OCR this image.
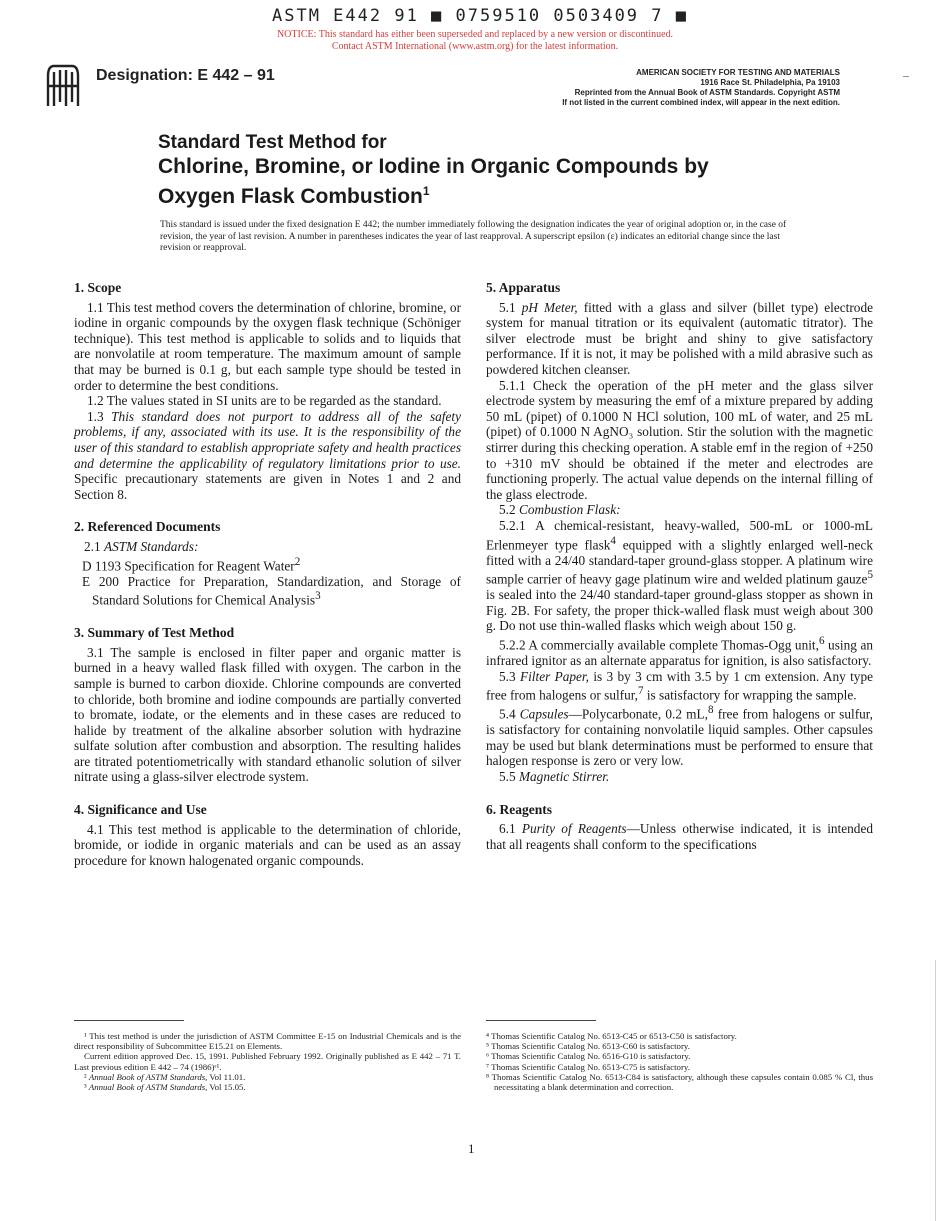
ASTM E442 91 ■ 0759510 0503409 7 ■
NOTICE: This standard has either been superseded and replaced by a new version or discontinued.
Contact ASTM International (www.astm.org) for the latest information.
Designation: E 442 – 91	AMERICAN SOCIETY FOR TESTING AND MATERIALS
1916 Race St. Philadelphia, Pa 19103
Reprinted from the Annual Book of ASTM Standards. Copyright ASTM
If not listed in the current combined index, will appear in the next edition.
–
Standard Test Method for
Chlorine, Bromine, or Iodine in Organic Compounds by
Oxygen Flask Combustion$^1$
This standard is issued under the fixed designation E 442; the number immediately following the designation indicates the year of original adoption or, in the case of revision, the year of last revision. A number in parentheses indicates the year of last reapproval. A superscript epsilon (ε) indicates an editorial change since the last revision or reapproval.
1. Scope

1.1 This test method covers the determination of chlorine, bromine, or iodine in organic compounds by the oxygen flask technique (Schöniger technique). This test method is applicable to solids and to liquids that are nonvolatile at room temperature. The maximum amount of sample that may be burned is 0.1 g, but each sample type should be tested in order to determine the best conditions.

1.2 The values stated in SI units are to be regarded as the standard.

1.3 This standard does not purport to address all of the safety problems, if any, associated with its use. It is the responsibility of the user of this standard to establish appropriate safety and health practices and determine the applicability of regulatory limitations prior to use. Specific precautionary statements are given in Notes 1 and 2 and Section 8.

2. Referenced Documents

2.1 ASTM Standards:

D 1193 Specification for Reagent Water$^2$

E 200 Practice for Preparation, Standardization, and Storage of Standard Solutions for Chemical Analysis$^3$

3. Summary of Test Method

3.1 The sample is enclosed in filter paper and organic matter is burned in a heavy walled flask filled with oxygen. The carbon in the sample is burned to carbon dioxide. Chlorine compounds are converted to chloride, both bromine and iodine compounds are partially converted to bromate, iodate, or the elements and in these cases are reduced to halide by treatment of the alkaline absorber solution with hydrazine sulfate solution after combustion and absorption. The resulting halides are titrated potentiometrically with standard ethanolic solution of silver nitrate using a glass-silver electrode system.

4. Significance and Use

4.1 This test method is applicable to the determination of chloride, bromide, or iodide in organic materials and can be used as an assay procedure for known halogenated organic compounds.

5. Apparatus

5.1 pH Meter, fitted with a glass and silver (billet type) electrode system for manual titration or its equivalent (automatic titrator). The silver electrode must be bright and shiny to give satisfactory performance. If it is not, it may be polished with a mild abrasive such as powdered kitchen cleanser.

5.1.1 Check the operation of the pH meter and the glass silver electrode system by measuring the emf of a mixture prepared by adding 50 mL (pipet) of 0.1000 N HCl solution, 100 mL of water, and 25 mL (pipet) of 0.1000 N AgNO₃ solution. Stir the solution with the magnetic stirrer during this checking operation. A stable emf in the region of +250 to +310 mV should be obtained if the meter and electrodes are functioning properly. The actual value depends on the internal filling of the glass electrode.

5.2 Combustion Flask:

5.2.1 A chemical-resistant, heavy-walled, 500-mL or 1000-mL Erlenmeyer type flask$^4$ equipped with a slightly enlarged well-neck fitted with a 24/40 standard-taper ground-glass stopper. A platinum wire sample carrier of heavy gage platinum wire and welded platinum gauze$^5$ is sealed into the 24/40 standard-taper ground-glass stopper as shown in Fig. 2B. For safety, the proper thick-walled flask must weigh about 300 g. Do not use thin-walled flasks which weigh about 150 g.

5.2.2 A commercially available complete Thomas-Ogg unit,$^6$ using an infrared ignitor as an alternate apparatus for ignition, is also satisfactory.

5.3 Filter Paper, is 3 by 3 cm with 3.5 by 1 cm extension. Any type free from halogens or sulfur,$^7$ is satisfactory for wrapping the sample.

5.4 Capsules—Polycarbonate, 0.2 mL,$^8$ free from halogens or sulfur, is satisfactory for containing nonvolatile liquid samples. Other capsules may be used but blank determinations must be performed to ensure that halogen response is zero or very low.

5.5 Magnetic Stirrer.

6. Reagents

6.1 Purity of Reagents—Unless otherwise indicated, it is intended that all reagents shall conform to the specifications

¹ This test method is under the jurisdiction of ASTM Committee E-15 on Industrial Chemicals and is the direct responsibility of Subcommittee E15.21 on Elements.

Current edition approved Dec. 15, 1991. Published February 1992. Originally published as E 442 – 71 T. Last previous edition E 442 – 74 (1986)ᵋ¹.

² Annual Book of ASTM Standards, Vol 11.01.

³ Annual Book of ASTM Standards, Vol 15.05.

⁴ Thomas Scientific Catalog No. 6513-C45 or 6513-C50 is satisfactory.

⁵ Thomas Scientific Catalog No. 6513-C60 is satisfactory.

⁶ Thomas Scientific Catalog No. 6516-G10 is satisfactory.

⁷ Thomas Scientific Catalog No. 6513-C75 is satisfactory.

⁸ Thomas Scientific Catalog No. 6513-C84 is satisfactory, although these capsules contain 0.085 % Cl, thus necessitating a blank determination and correction.

1
